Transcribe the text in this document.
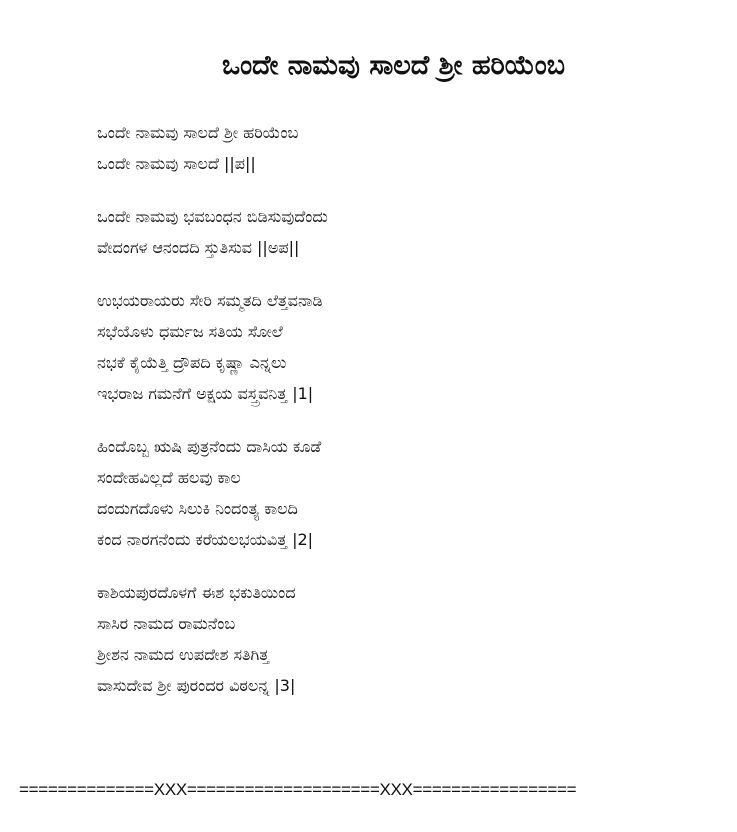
ಒಂದೇ ನಾಮವು ಸಾಲದೆ ಶ್ರೀ ಹರಿಯೆಂಬ
ಒಂದೇ ನಾಮವು ಸಾಲದೆ ಶ್ರೀ ಹರಿಯೆಂಬ
ಒಂದೇ ನಾಮವು ಸಾಲದೆ ||ಪ||
ಒಂದೇ ನಾಮವು ಭವಬಂಧನ ಬಿಡಿಸುವುದೆಂದು
ವೇದಂಗಳ ಆನಂದದಿ ಸ್ತುತಿಸುವ ||ಅಪ||
ಉಭಯರಾಯರು ಸೇರಿ ಸಮ್ಮತದಿ ಲೆತ್ತವನಾಡಿ
ಸಭೆಯೊಳು ಧರ್ಮಜ ಸತಿಯ ಸೋಲೆ
ನಭಕೆ ಕೈಯೆತ್ತಿ ದ್ರೌಪದಿ ಕೃಷ್ಣಾ ಎನ್ನಲು
ಇಭರಾಜ ಗಮನೆಗೆ ಅಕ್ಷಯ ವಸ್ತ್ರವನಿತ್ತ |1|
ಹಿಂದೊಬ್ಬ ಋಷಿ ಪುತ್ರನೆಂದು ದಾಸಿಯ ಕೂಡೆ
ಸಂದೇಹವಿಲ್ಲದೆ ಹಲವು ಕಾಲ
ದಂದುಗದೊಳು ಸಿಲುಕಿ ನಿಂದಂತ್ಯ ಕಾಲದಿ
ಕಂದ ನಾರಗನೆಂದು ಕರೆಯಲಭಯವಿತ್ತ |2|
ಕಾಶಿಯಪುರದೊಳಗೆ ಈಶ ಭಕುತಿಯಿಂದ
ಸಾಸಿರ ನಾಮದ ರಾಮನೆಂಬ
ಶ್ರೀಶನ ನಾಮದ ಉಪದೇಶ ಸತಿಗಿತ್ತ
ವಾಸುದೇವ ಶ್ರೀ ಪುರಂದರ ವಿಠಲನ್ನ |3|
==============XXX====================XXX=================
